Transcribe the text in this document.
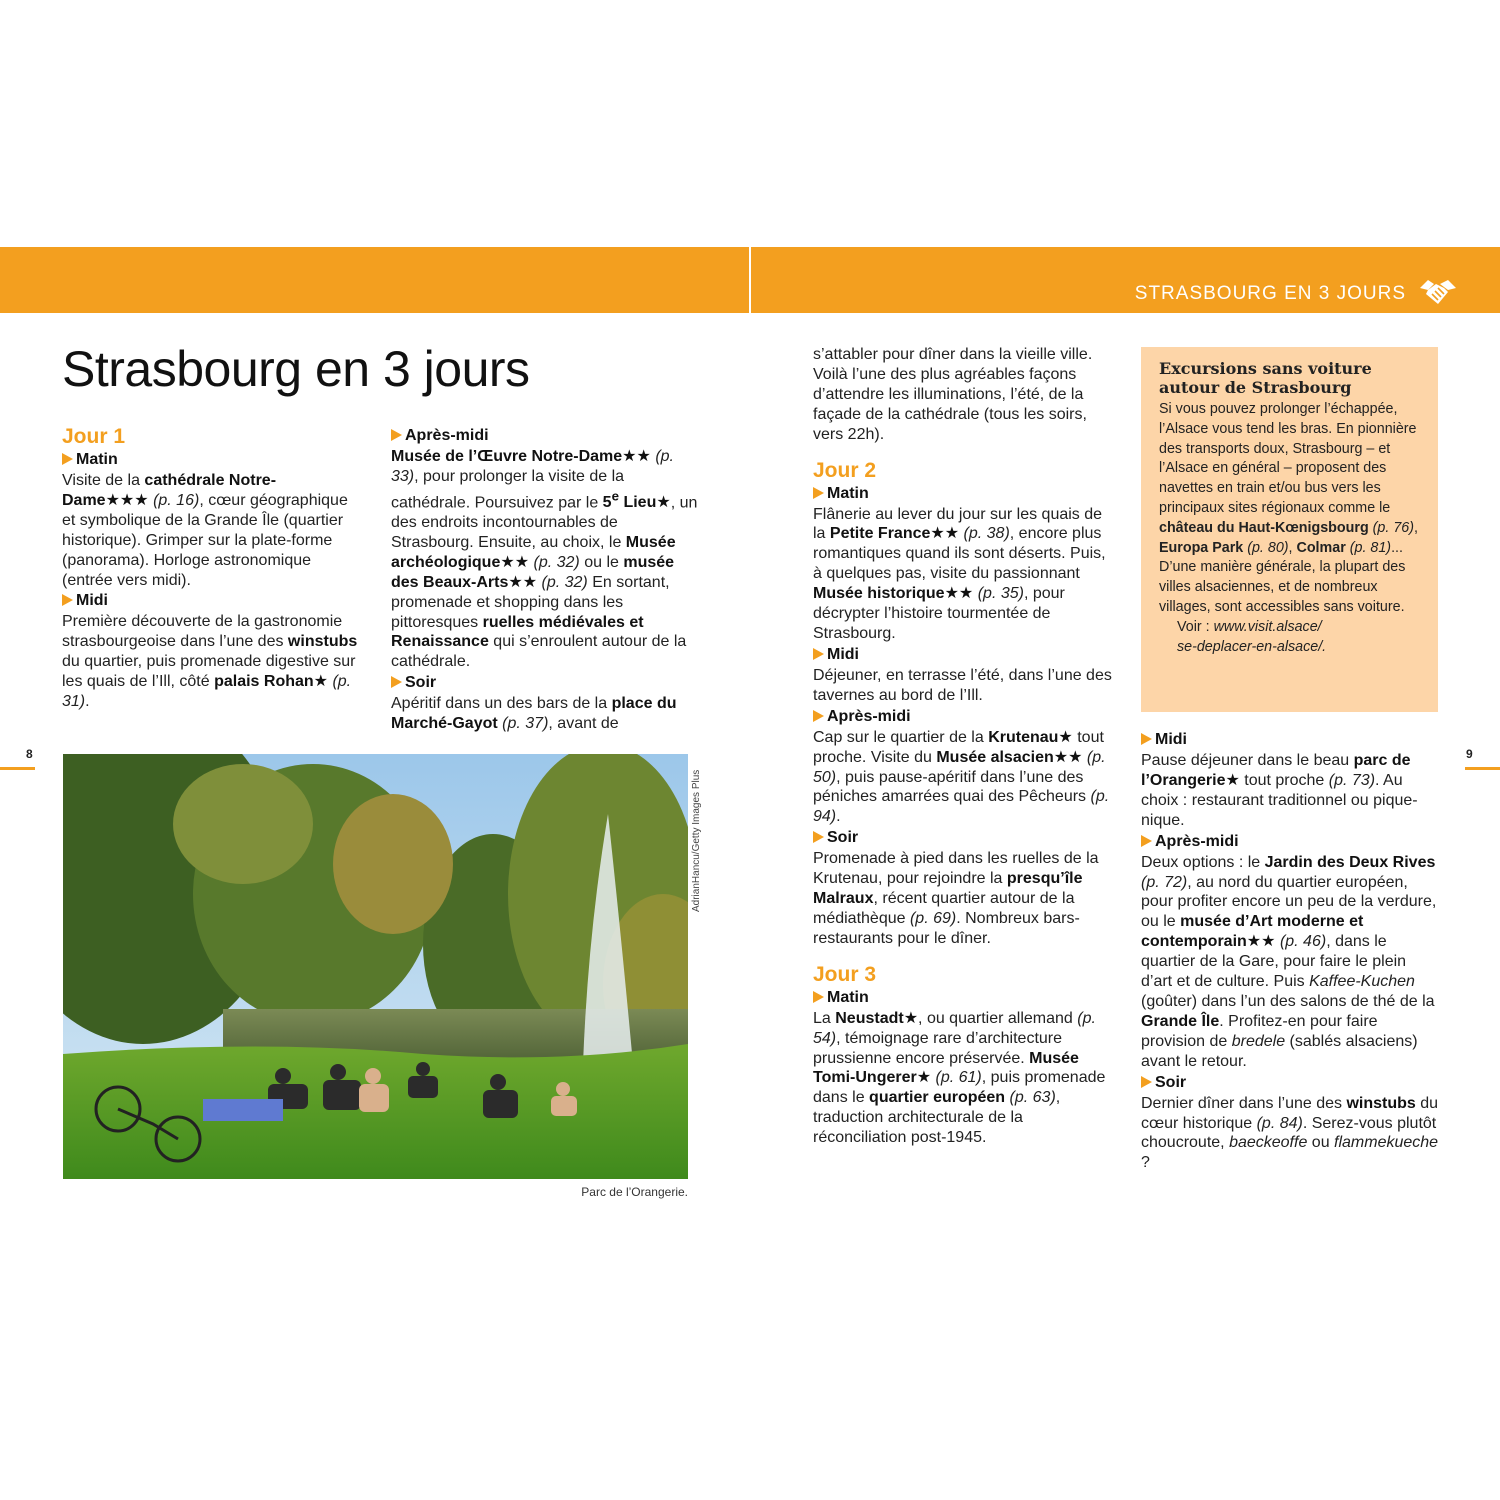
STRASBOURG EN 3 JOURS
Strasbourg en 3 jours
Jour 1
Matin
Visite de la cathédrale Notre-Dame★★★ (p. 16), cœur géographique et symbolique de la Grande Île (quartier historique). Grimper sur la plate-forme (panorama). Horloge astronomique (entrée vers midi).
Midi
Première découverte de la gastronomie strasbourgeoise dans l’une des winstubs du quartier, puis promenade digestive sur les quais de l’Ill, côté palais Rohan★ (p. 31).
Après-midi
Musée de l’Œuvre Notre-Dame★★ (p. 33), pour prolonger la visite de la cathédrale. Poursuivez par le 5e Lieu★, un des endroits incontournables de Strasbourg. Ensuite, au choix, le Musée archéologique★★ (p. 32) ou le musée des Beaux-Arts★★ (p. 32) En sortant, promenade et shopping dans les pittoresques ruelles médiévales et Renaissance qui s’enroulent autour de la cathédrale.
Soir
Apéritif dans un des bars de la place du Marché-Gayot (p. 37), avant de
8	9
AdrianHancu/Getty Images Plus
Parc de l’Orangerie.
s’attabler pour dîner dans la vieille ville. Voilà l’une des plus agréables façons d’attendre les illuminations, l’été, de la façade de la cathédrale (tous les soirs, vers 22h).
Jour 2
Matin
Flânerie au lever du jour sur les quais de la Petite France★★ (p. 38), encore plus romantiques quand ils sont déserts. Puis, à quelques pas, visite du passionnant Musée historique★★ (p. 35), pour décrypter l’histoire tourmentée de Strasbourg.
Midi
Déjeuner, en terrasse l’été, dans l’une des tavernes au bord de l’Ill.
Après-midi
Cap sur le quartier de la Krutenau★ tout proche. Visite du Musée alsacien★★ (p. 50), puis pause-apéritif dans l’une des péniches amarrées quai des Pêcheurs (p. 94).
Soir
Promenade à pied dans les ruelles de la Krutenau, pour rejoindre la presqu’île Malraux, récent quartier autour de la médiathèque (p. 69). Nombreux bars-restaurants pour le dîner.
Jour 3
Matin
La Neustadt★, ou quartier allemand (p. 54), témoignage rare d’architecture prussienne encore préservée. Musée Tomi-Ungerer★ (p. 61), puis promenade dans le quartier européen (p. 63), traduction architecturale de la réconciliation post-1945.
Excursions sans voiture
autour de Strasbourg
Si vous pouvez prolonger l’échappée, l’Alsace vous tend les bras. En pionnière des transports doux, Strasbourg – et l’Alsace en général – proposent des navettes en train et/ou bus vers les principaux sites régionaux comme le château du Haut-Kœnigsbourg (p. 76), Europa Park (p. 80), Colmar (p. 81)... D’une manière générale, la plupart des villes alsaciennes, et de nombreux villages, sont accessibles sans voiture.
Voir : www.visit.alsace/
se-deplacer-en-alsace/.
Midi
Pause déjeuner dans le beau parc de l’Orangerie★ tout proche (p. 73). Au choix : restaurant traditionnel ou pique-nique.
Après-midi
Deux options : le Jardin des Deux Rives (p. 72), au nord du quartier européen, pour profiter encore un peu de la verdure, ou le musée d’Art moderne et contemporain★★ (p. 46), dans le quartier de la Gare, pour faire le plein d’art et de culture. Puis Kaffee-Kuchen (goûter) dans l’un des salons de thé de la Grande Île. Profitez-en pour faire provision de bredele (sablés alsaciens) avant le retour.
Soir
Dernier dîner dans l’une des winstubs du cœur historique (p. 84). Serez-vous plutôt choucroute, baeckeoffe ou flammekueche ?
